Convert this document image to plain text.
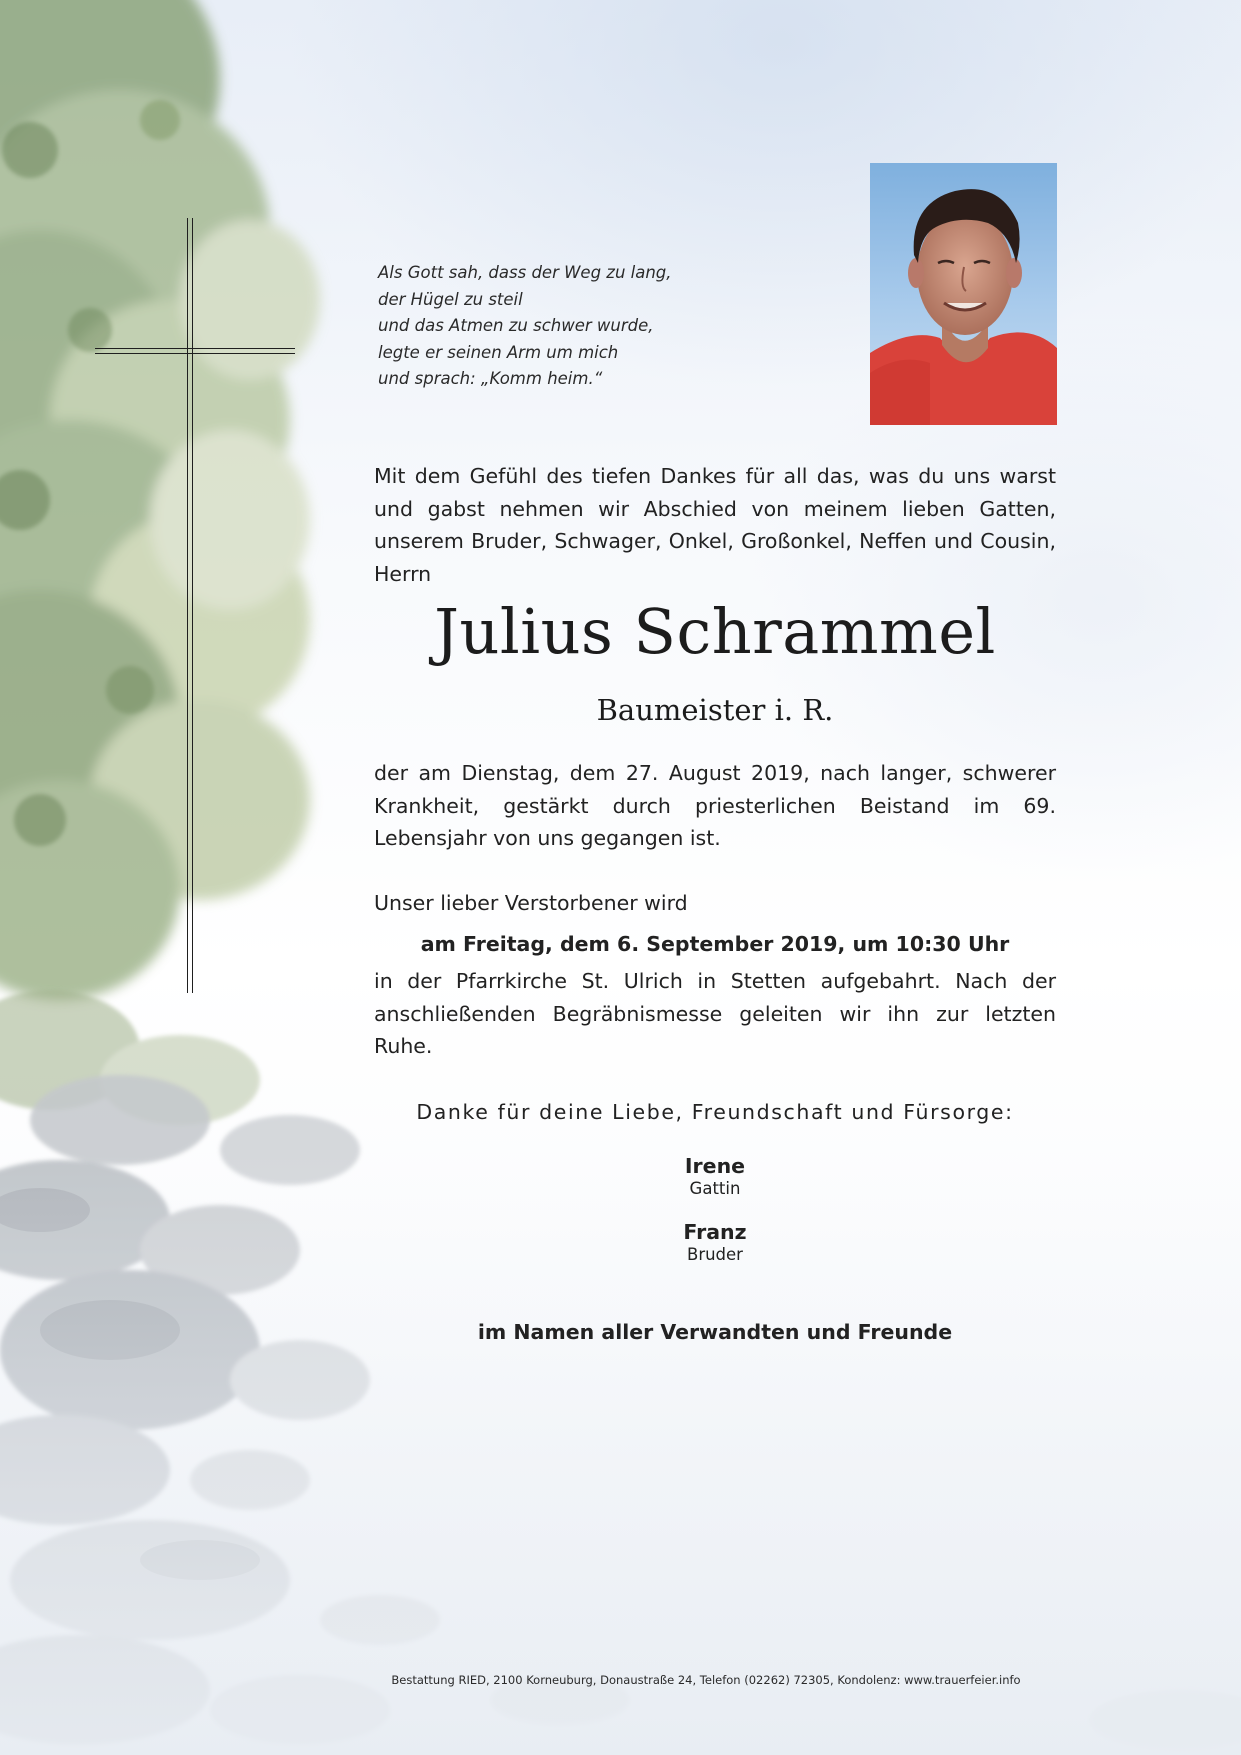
Als Gott sah, dass der Weg zu lang,
der Hügel zu steil
und das Atmen zu schwer wurde,
legte er seinen Arm um mich
und sprach: „Komm heim.“
Mit dem Gefühl des tiefen Dankes für all das, was du uns warst und gabst nehmen wir Abschied von meinem lieben Gatten, unserem Bruder, Schwager, Onkel, Großonkel, Neffen und Cousin, Herrn
Julius Schrammel
Baumeister i. R.
der am Dienstag, dem 27. August 2019, nach langer, schwerer Krankheit, gestärkt durch priesterlichen Beistand im 69. Lebensjahr von uns gegangen ist.
Unser lieber Verstorbener wird
am Freitag, dem 6. September 2019, um 10:30 Uhr
in der Pfarrkirche St. Ulrich in Stetten aufgebahrt. Nach der anschließenden Begräbnismesse geleiten wir ihn zur letzten Ruhe.
Danke für deine Liebe, Freundschaft und Fürsorge:
Irene
Gattin
Franz
Bruder
im Namen aller Verwandten und Freunde
Bestattung RIED, 2100 Korneuburg, Donaustraße 24, Telefon (02262) 72305, Kondolenz: www.trauerfeier.info
